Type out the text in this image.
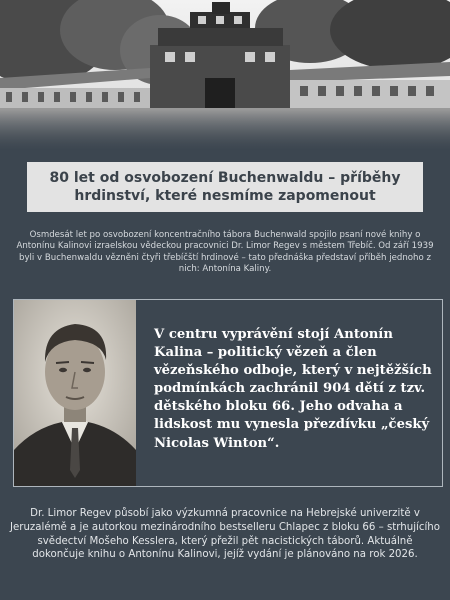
80 let od osvobození Buchenwaldu – příběhy hrdinství, které nesmíme zapomenout

Osmdesát let po osvobození koncentračního tábora Buchenwald spojilo psaní nové knihy o Antonínu Kalinovi izraelskou vědeckou pracovnici Dr. Limor Regev s městem Třebíč. Od září 1939 byli v Buchenwaldu vězněni čtyři třebíčští hrdinové – tato přednáška představí příběh jednoho z nich: Antonína Kaliny.

V centru vyprávění stojí Antonín Kalina – politický vězeň a člen vězeňského odboje, který v nejtěžších podmínkách zachránil 904 dětí z tzv. dětského bloku 66. Jeho odvaha a lidskost mu vynesla přezdívku „český Nicolas Winton“.

Dr. Limor Regev působí jako výzkumná pracovnice na Hebrejské univerzitě v Jeruzalémě a je autorkou mezinárodního bestselleru Chlapec z bloku 66 – strhujícího svědectví Mošeho Kesslera, který přežil pět nacistických táborů. Aktuálně dokončuje knihu o Antonínu Kalinovi, jejíž vydání je plánováno na rok 2026.
